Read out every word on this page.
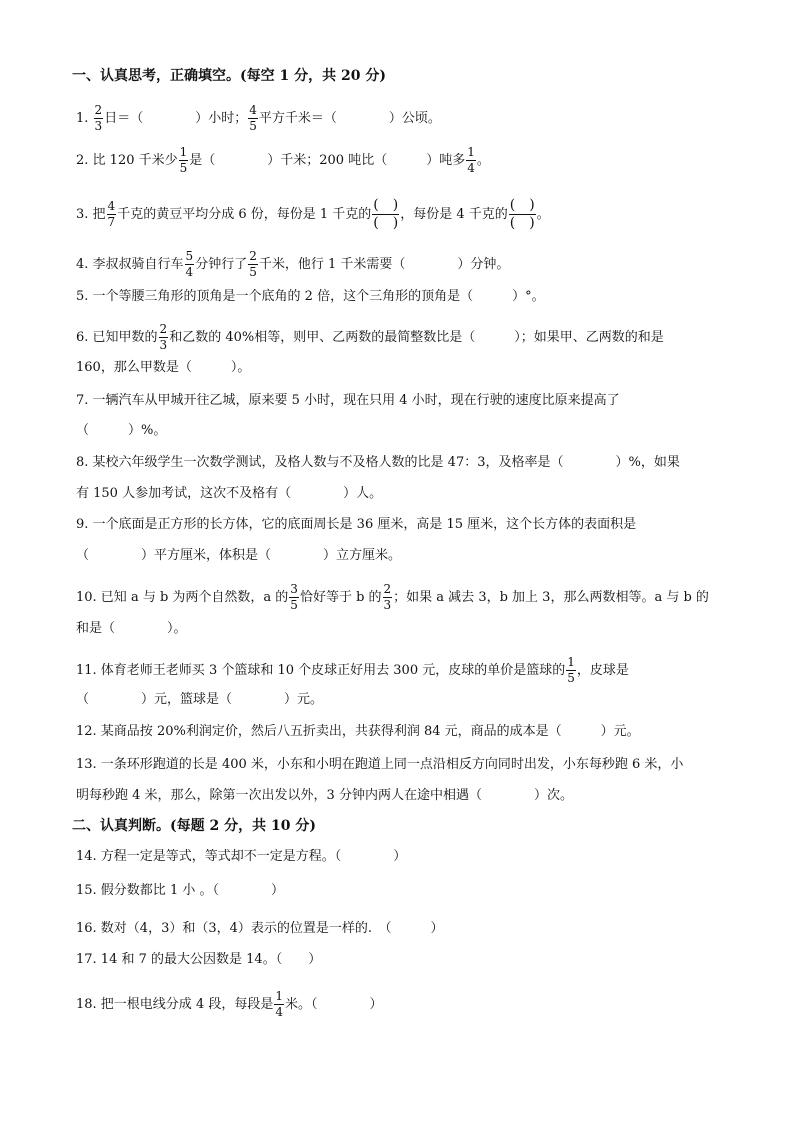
一、认真思考，正确填空。(每空 1 分，共 20 分)
1. $\frac{2}{3}$ 日＝（　　　　）小时； $\frac{4}{5}$ 平方千米＝（　　　　）公顷。
2. 比 120 千米少 $\frac{1}{5}$ 是（　　　　）千米；200 吨比（　　　）吨多 $\frac{1}{4}$ 。
3. 把 $\frac{4}{7}$ 千克的黄豆平均分成 6 份，每份是 1 千克的
(　)
(　)
，每份是 4 千克的
(　)
(　)
。
4. 李叔叔骑自行车 $\frac{5}{4}$ 分钟行了 $\frac{2}{5}$ 千米，他行 1 千米需要（　　　　）分钟。
5. 一个等腰三角形的顶角是一个底角的 2 倍，这个三角形的顶角是（　　　）°。
6. 已知甲数的 $\frac{2}{3}$ 和乙数的 40%相等，则甲、乙两数的最简整数比是（　　　）；如果甲、乙两数的和是
160，那么甲数是（　　　）。
7. 一辆汽车从甲城开往乙城，原来要 5 小时，现在只用 4 小时，现在行驶的速度比原来提高了
（　　　）%。
8. 某校六年级学生一次数学测试，及格人数与不及格人数的比是 47：3，及格率是（　　　　）%，如果
有 150 人参加考试，这次不及格有（　　　　）人。
9. 一个底面是正方形的长方体，它的底面周长是 36 厘米，高是 15 厘米，这个长方体的表面积是
（　　　　）平方厘米，体积是（　　　　）立方厘米。
10. 已知 a 与 b 为两个自然数，a 的 $\frac{3}{5}$ 恰好等于 b 的 $\frac{2}{3}$ ；如果 a 减去 3，b 加上 3，那么两数相等。a 与 b 的
和是（　　　　）。
11. 体育老师王老师买 3 个篮球和 10 个皮球正好用去 300 元，皮球的单价是篮球的 $\frac{1}{5}$ ，皮球是
（　　　　）元，篮球是（　　　　）元。
12. 某商品按 20%利润定价，然后八五折卖出，共获得利润 84 元，商品的成本是（　　　）元。
13. 一条环形跑道的长是 400 米，小东和小明在跑道上同一点沿相反方向同时出发，小东每秒跑 6 米，小
明每秒跑 4 米，那么，除第一次出发以外，3 分钟内两人在途中相遇（　　　　）次。
二、认真判断。(每题 2 分，共 10 分)
14. 方程一定是等式，等式却不一定是方程。（　　　　）
15. 假分数都比 1 小 。（　　　　）
16. 数对（4，3）和（3，4）表示的位置是一样的.　（　　　）
17. 14 和 7 的最大公因数是 14。（　　）
18. 把一根电线分成 4 段，每段是 $\frac{1}{4}$ 米。（　　　　）
